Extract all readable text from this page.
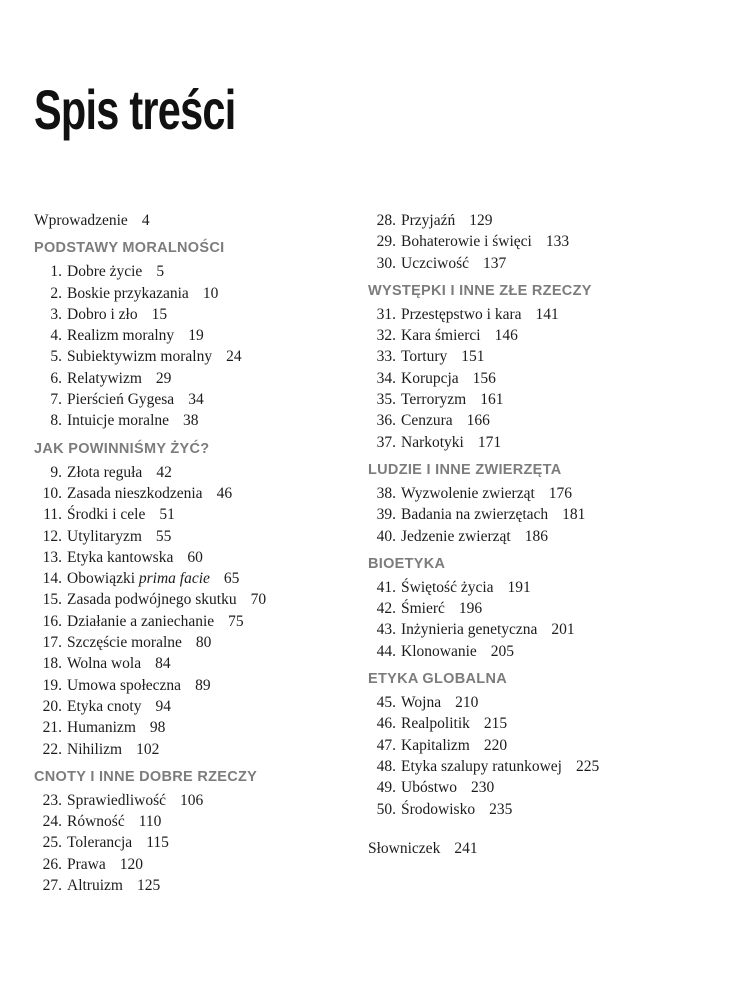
Spis treści
Wprowadzenie 4
PODSTAWY MORALNOŚCI
1. Dobre życie 5
2. Boskie przykazania 10
3. Dobro i zło 15
4. Realizm moralny 19
5. Subiektywizm moralny 24
6. Relatywizm 29
7. Pierścień Gygesa 34
8. Intuicje moralne 38
JAK POWINNIŚMY ŻYĆ?
9. Złota reguła 42
10. Zasada nieszkodzenia 46
11. Środki i cele 51
12. Utylitaryzm 55
13. Etyka kantowska 60
14. Obowiązki prima facie 65
15. Zasada podwójnego skutku 70
16. Działanie a zaniechanie 75
17. Szczęście moralne 80
18. Wolna wola 84
19. Umowa społeczna 89
20. Etyka cnoty 94
21. Humanizm 98
22. Nihilizm 102
CNOTY I INNE DOBRE RZECZY
23. Sprawiedliwość 106
24. Równość 110
25. Tolerancja 115
26. Prawa 120
27. Altruizm 125
28. Przyjaźń 129
29. Bohaterowie i święci 133
30. Uczciwość 137
WYSTĘPKI I INNE ZŁE RZECZY
31. Przestępstwo i kara 141
32. Kara śmierci 146
33. Tortury 151
34. Korupcja 156
35. Terroryzm 161
36. Cenzura 166
37. Narkotyki 171
LUDZIE I INNE ZWIERZĘTA
38. Wyzwolenie zwierząt 176
39. Badania na zwierzętach 181
40. Jedzenie zwierząt 186
BIOETYKA
41. Świętość życia 191
42. Śmierć 196
43. Inżynieria genetyczna 201
44. Klonowanie 205
ETYKA GLOBALNA
45. Wojna 210
46. Realpolitik 215
47. Kapitalizm 220
48. Etyka szalupy ratunkowej 225
49. Ubóstwo 230
50. Środowisko 235
Słowniczek 241
